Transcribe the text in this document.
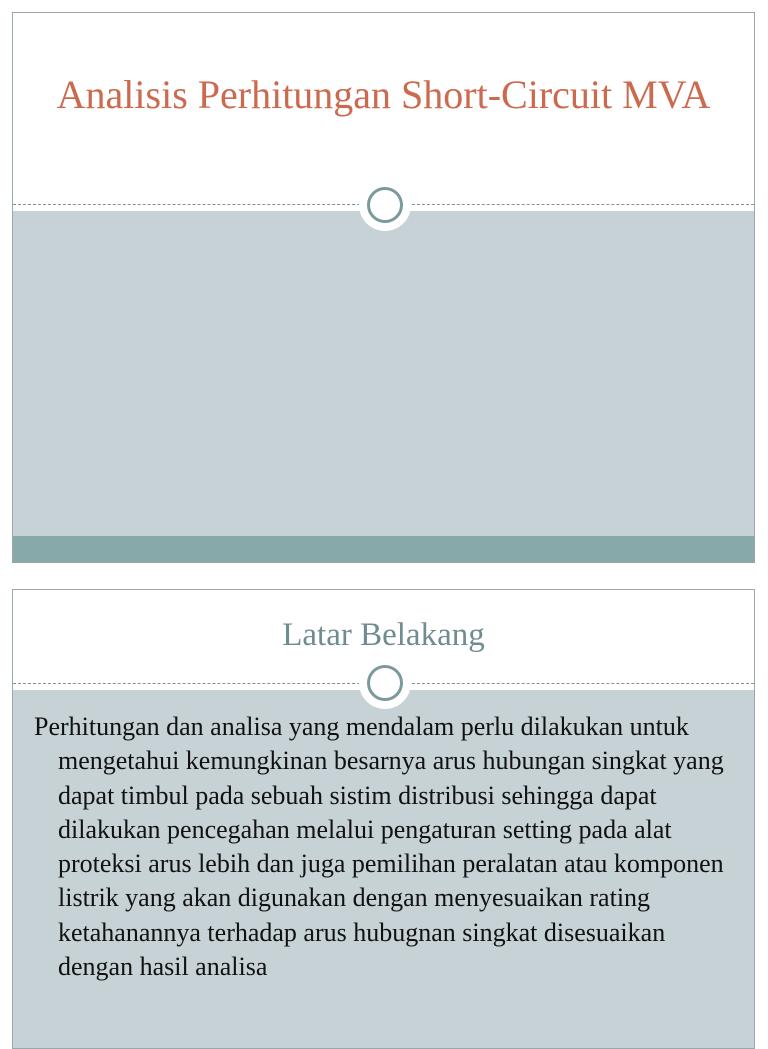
Analisis Perhitungan Short-Circuit MVA
Latar Belakang

Perhitungan dan analisa yang mendalam perlu dilakukan untuk mengetahui kemungkinan besarnya arus hubungan singkat yang dapat timbul pada sebuah sistim distribusi sehingga dapat dilakukan pencegahan melalui pengaturan setting pada alat proteksi arus lebih dan juga pemilihan peralatan atau komponen listrik yang akan digunakan dengan menyesuaikan rating ketahanannya terhadap arus hubugnan singkat disesuaikan dengan hasil analisa
